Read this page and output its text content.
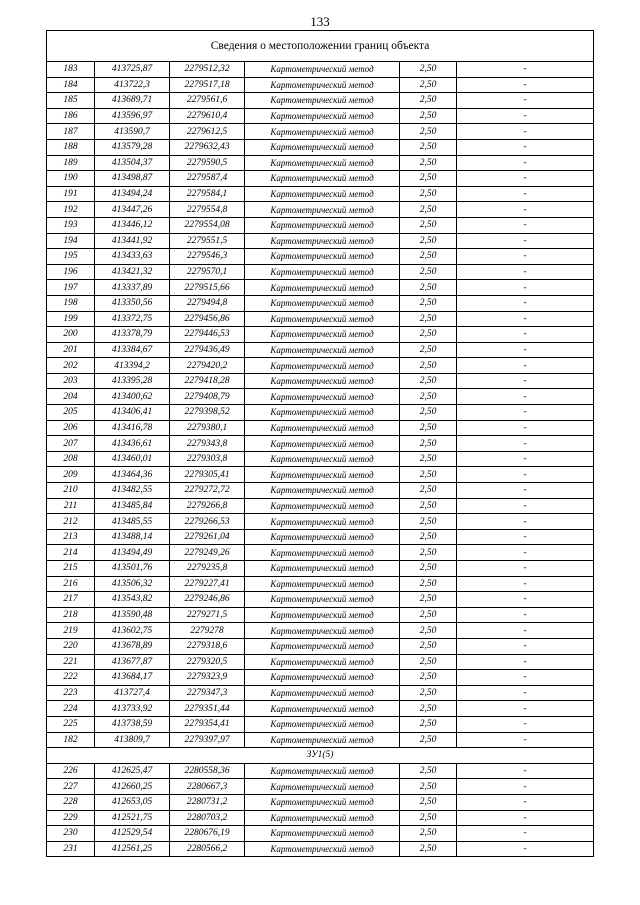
133
Сведения о местоположении границ объекта					
183	413725,87	2279512,32	Картометрический метод	2,50	-
184	413722,3	2279517,18	Картометрический метод	2,50	-
185	413689,71	2279561,6	Картометрический метод	2,50	-
186	413596,97	2279610,4	Картометрический метод	2,50	-
187	413590,7	2279612,5	Картометрический метод	2,50	-
188	413579,28	2279632,43	Картометрический метод	2,50	-
189	413504,37	2279590,5	Картометрический метод	2,50	-
190	413498,87	2279587,4	Картометрический метод	2,50	-
191	413494,24	2279584,1	Картометрический метод	2,50	-
192	413447,26	2279554,8	Картометрический метод	2,50	-
193	413446,12	2279554,08	Картометрический метод	2,50	-
194	413441,92	2279551,5	Картометрический метод	2,50	-
195	413433,63	2279546,3	Картометрический метод	2,50	-
196	413421,32	2279570,1	Картометрический метод	2,50	-
197	413337,89	2279515,66	Картометрический метод	2,50	-
198	413350,56	2279494,8	Картометрический метод	2,50	-
199	413372,75	2279456,86	Картометрический метод	2,50	-
200	413378,79	2279446,53	Картометрический метод	2,50	-
201	413384,67	2279436,49	Картометрический метод	2,50	-
202	413394,2	2279420,2	Картометрический метод	2,50	-
203	413395,28	2279418,28	Картометрический метод	2,50	-
204	413400,62	2279408,79	Картометрический метод	2,50	-
205	413406,41	2279398,52	Картометрический метод	2,50	-
206	413416,78	2279380,1	Картометрический метод	2,50	-
207	413436,61	2279343,8	Картометрический метод	2,50	-
208	413460,01	2279303,8	Картометрический метод	2,50	-
209	413464,36	2279305,41	Картометрический метод	2,50	-
210	413482,55	2279272,72	Картометрический метод	2,50	-
211	413485,84	2279266,8	Картометрический метод	2,50	-
212	413485,55	2279266,53	Картометрический метод	2,50	-
213	413488,14	2279261,04	Картометрический метод	2,50	-
214	413494,49	2279249,26	Картометрический метод	2,50	-
215	413501,76	2279235,8	Картометрический метод	2,50	-
216	413506,32	2279227,41	Картометрический метод	2,50	-
217	413543,82	2279246,86	Картометрический метод	2,50	-
218	413590,48	2279271,5	Картометрический метод	2,50	-
219	413602,75	2279278	Картометрический метод	2,50	-
220	413678,89	2279318,6	Картометрический метод	2,50	-
221	413677,87	2279320,5	Картометрический метод	2,50	-
222	413684,17	2279323,9	Картометрический метод	2,50	-
223	413727,4	2279347,3	Картометрический метод	2,50	-
224	413733,92	2279351,44	Картометрический метод	2,50	-
225	413738,59	2279354,41	Картометрический метод	2,50	-
182	413809,7	2279397,97	Картометрический метод	2,50	-
ЗУ1(5)					
226	412625,47	2280558,36	Картометрический метод	2,50	-
227	412660,25	2280667,3	Картометрический метод	2,50	-
228	412653,05	2280731,2	Картометрический метод	2,50	-
229	412521,75	2280703,2	Картометрический метод	2,50	-
230	412529,54	2280676,19	Картометрический метод	2,50	-
231	412561,25	2280566,2	Картометрический метод	2,50	-
